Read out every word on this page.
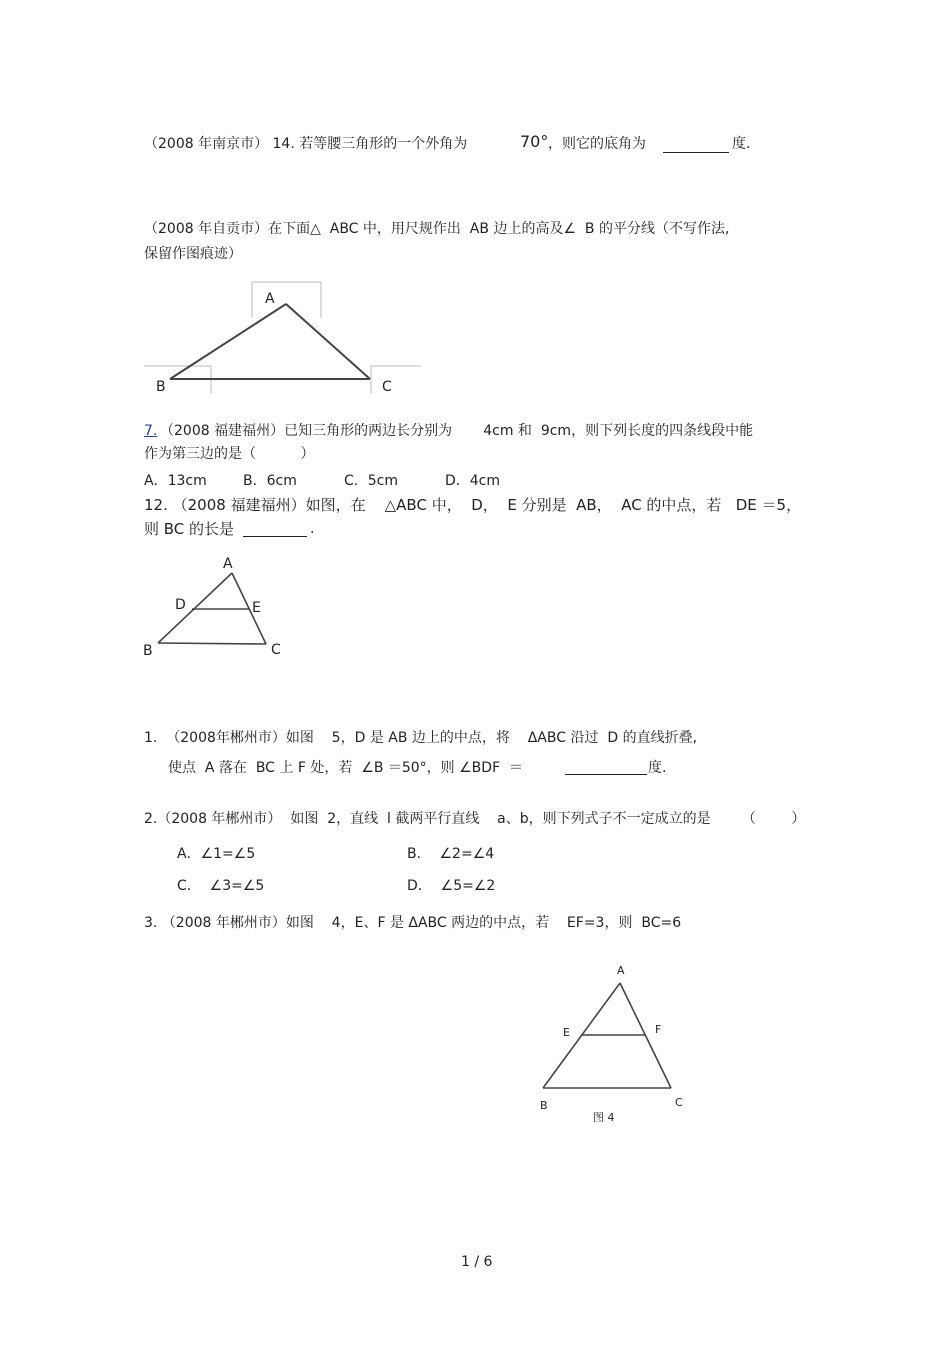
（2008 年南京市） 14. 若等腰三角形的一个外角为	70° ，则它的底角为	度.
（2008 年自贡市）在下面△  ABC 中，用尺规作出  AB 边上的高及∠  B 的平分线（不写作法,
保留作图痕迹）
A
B	C
7. （2008 福建福州）已知三角形的两边长分别为       4cm 和  9cm，则下列长度的四条线段中能
作为第三边的是（          ）
A．13cm	B．6cm	C．5cm	D．4cm
12. （2008 福建福州）如图，在    △ABC 中，  D，  E 分别是  AB，  AC 的中点，若   DE ＝5，
则 BC 的长是	.
A
D	E
B	C
1.  （2008年郴州市）如图    5，D 是 AB 边上的中点，将    ΔABC 沿过  D 的直线折叠,
使点  A 落在  BC 上 F 处，若  ∠B ＝50°，则 ∠BDF  ＝	度.
2.（2008 年郴州市）  如图  2，直线  l 截两平行直线    a、b，则下列式子不一定成立的是       （        ）
A．∠1=∠5	B．  ∠2=∠4
C．  ∠3=∠5	D．  ∠5=∠2
3. （2008 年郴州市）如图    4，E、F 是 ΔABC 两边的中点，若    EF=3，则  BC=6
A
E	F
B	C
图 4
1 / 6
